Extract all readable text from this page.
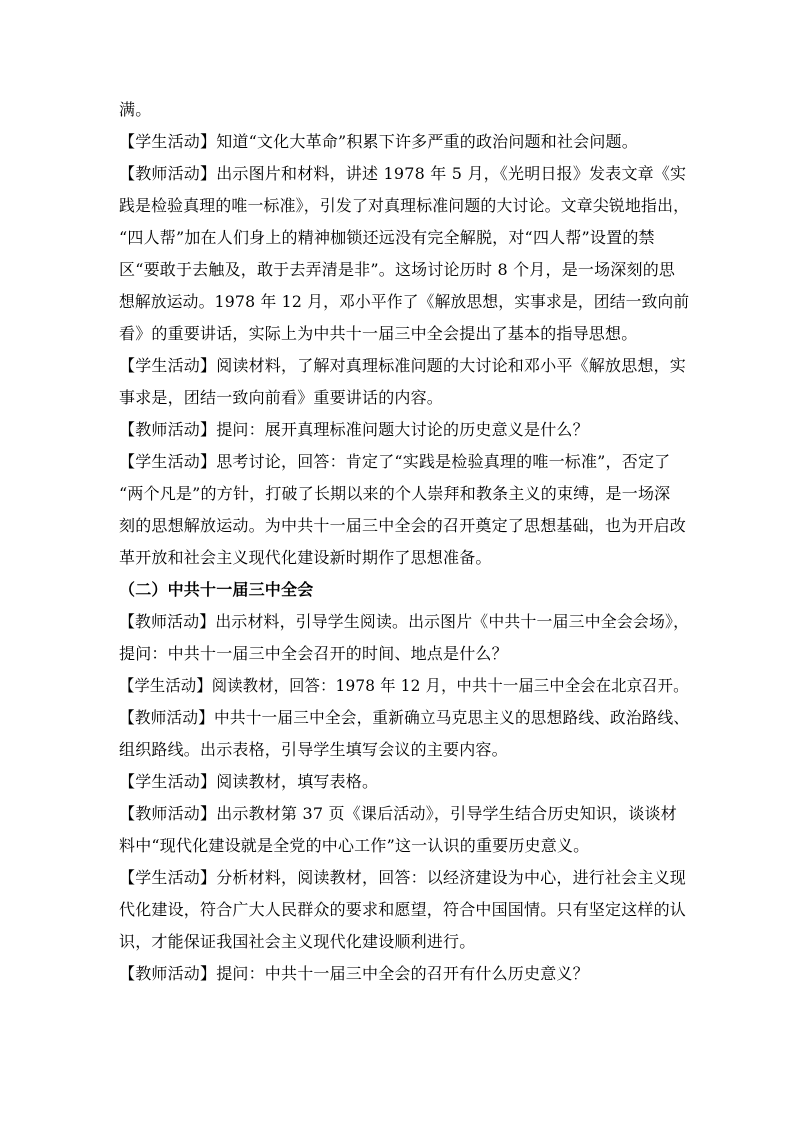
满。
【学生活动】知道“文化大革命”积累下许多严重的政治问题和社会问题。
【教师活动】出示图片和材料，讲述 1978 年 5 月，《光明日报》发表文章《实
践是检验真理的唯一标准》，引发了对真理标准问题的大讨论。文章尖锐地指出，
“四人帮”加在人们身上的精神枷锁还远没有完全解脱，对“四人帮”设置的禁
区“要敢于去触及，敢于去弄清是非”。这场讨论历时 8 个月，是一场深刻的思
想解放运动。1978 年 12 月，邓小平作了《解放思想，实事求是，团结一致向前
看》的重要讲话，实际上为中共十一届三中全会提出了基本的指导思想。
【学生活动】阅读材料，了解对真理标准问题的大讨论和邓小平《解放思想，实
事求是，团结一致向前看》重要讲话的内容。
【教师活动】提问：展开真理标准问题大讨论的历史意义是什么？
【学生活动】思考讨论，回答：肯定了“实践是检验真理的唯一标准”，否定了
“两个凡是”的方针，打破了长期以来的个人崇拜和教条主义的束缚，是一场深
刻的思想解放运动。为中共十一届三中全会的召开奠定了思想基础，也为开启改
革开放和社会主义现代化建设新时期作了思想准备。
（二）中共十一届三中全会
【教师活动】出示材料，引导学生阅读。出示图片《中共十一届三中全会会场》，
提问：中共十一届三中全会召开的时间、地点是什么？
【学生活动】阅读教材，回答：1978 年 12 月，中共十一届三中全会在北京召开。
【教师活动】中共十一届三中全会，重新确立马克思主义的思想路线、政治路线、
组织路线。出示表格，引导学生填写会议的主要内容。
【学生活动】阅读教材，填写表格。
【教师活动】出示教材第 37 页《课后活动》，引导学生结合历史知识，谈谈材
料中“现代化建设就是全党的中心工作”这一认识的重要历史意义。
【学生活动】分析材料，阅读教材，回答：以经济建设为中心，进行社会主义现
代化建设，符合广大人民群众的要求和愿望，符合中国国情。只有坚定这样的认
识，才能保证我国社会主义现代化建设顺利进行。
【教师活动】提问：中共十一届三中全会的召开有什么历史意义？
